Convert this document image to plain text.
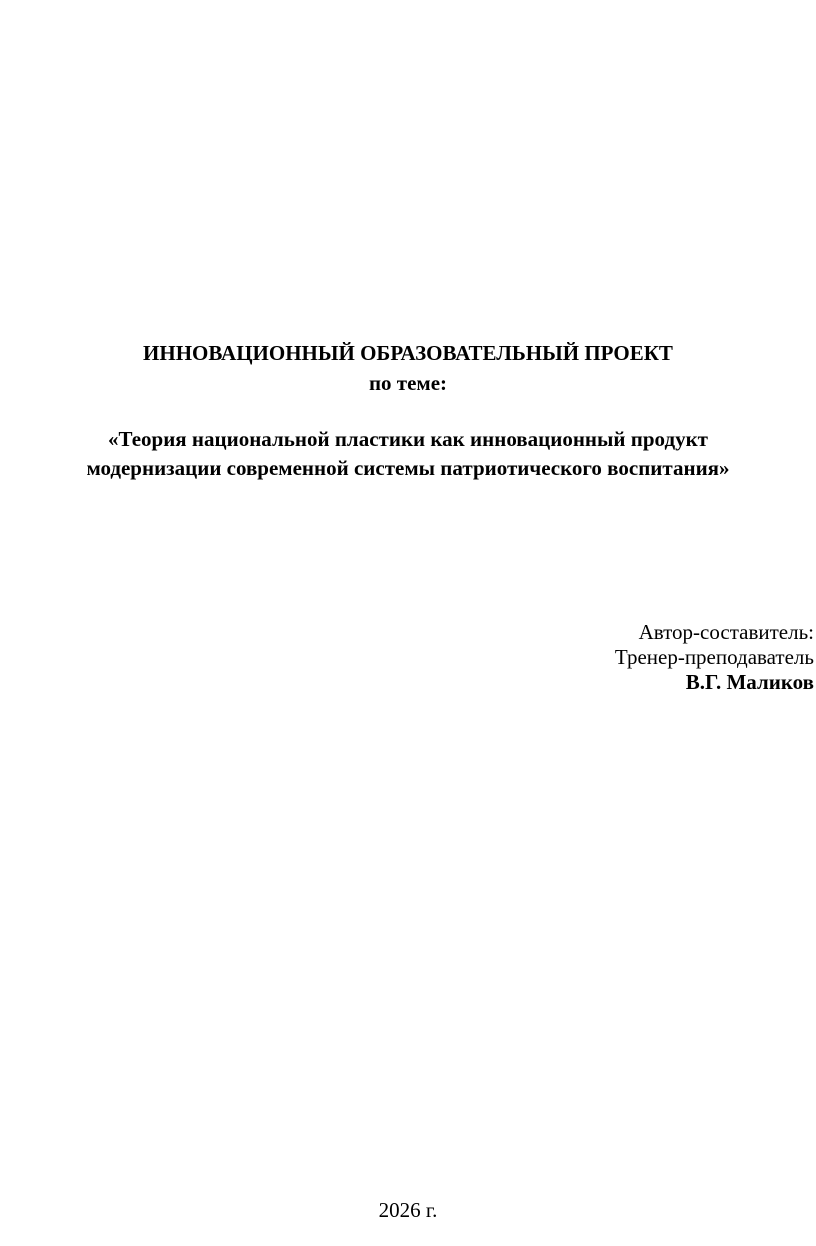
ИННОВАЦИОННЫЙ ОБРАЗОВАТЕЛЬНЫЙ ПРОЕКТ
по теме:
«Теория национальной пластики как инновационный продукт
модернизации современной системы патриотического воспитания»
Автор-составитель:
Тренер-преподаватель
В.Г. Маликов
2026 г.
